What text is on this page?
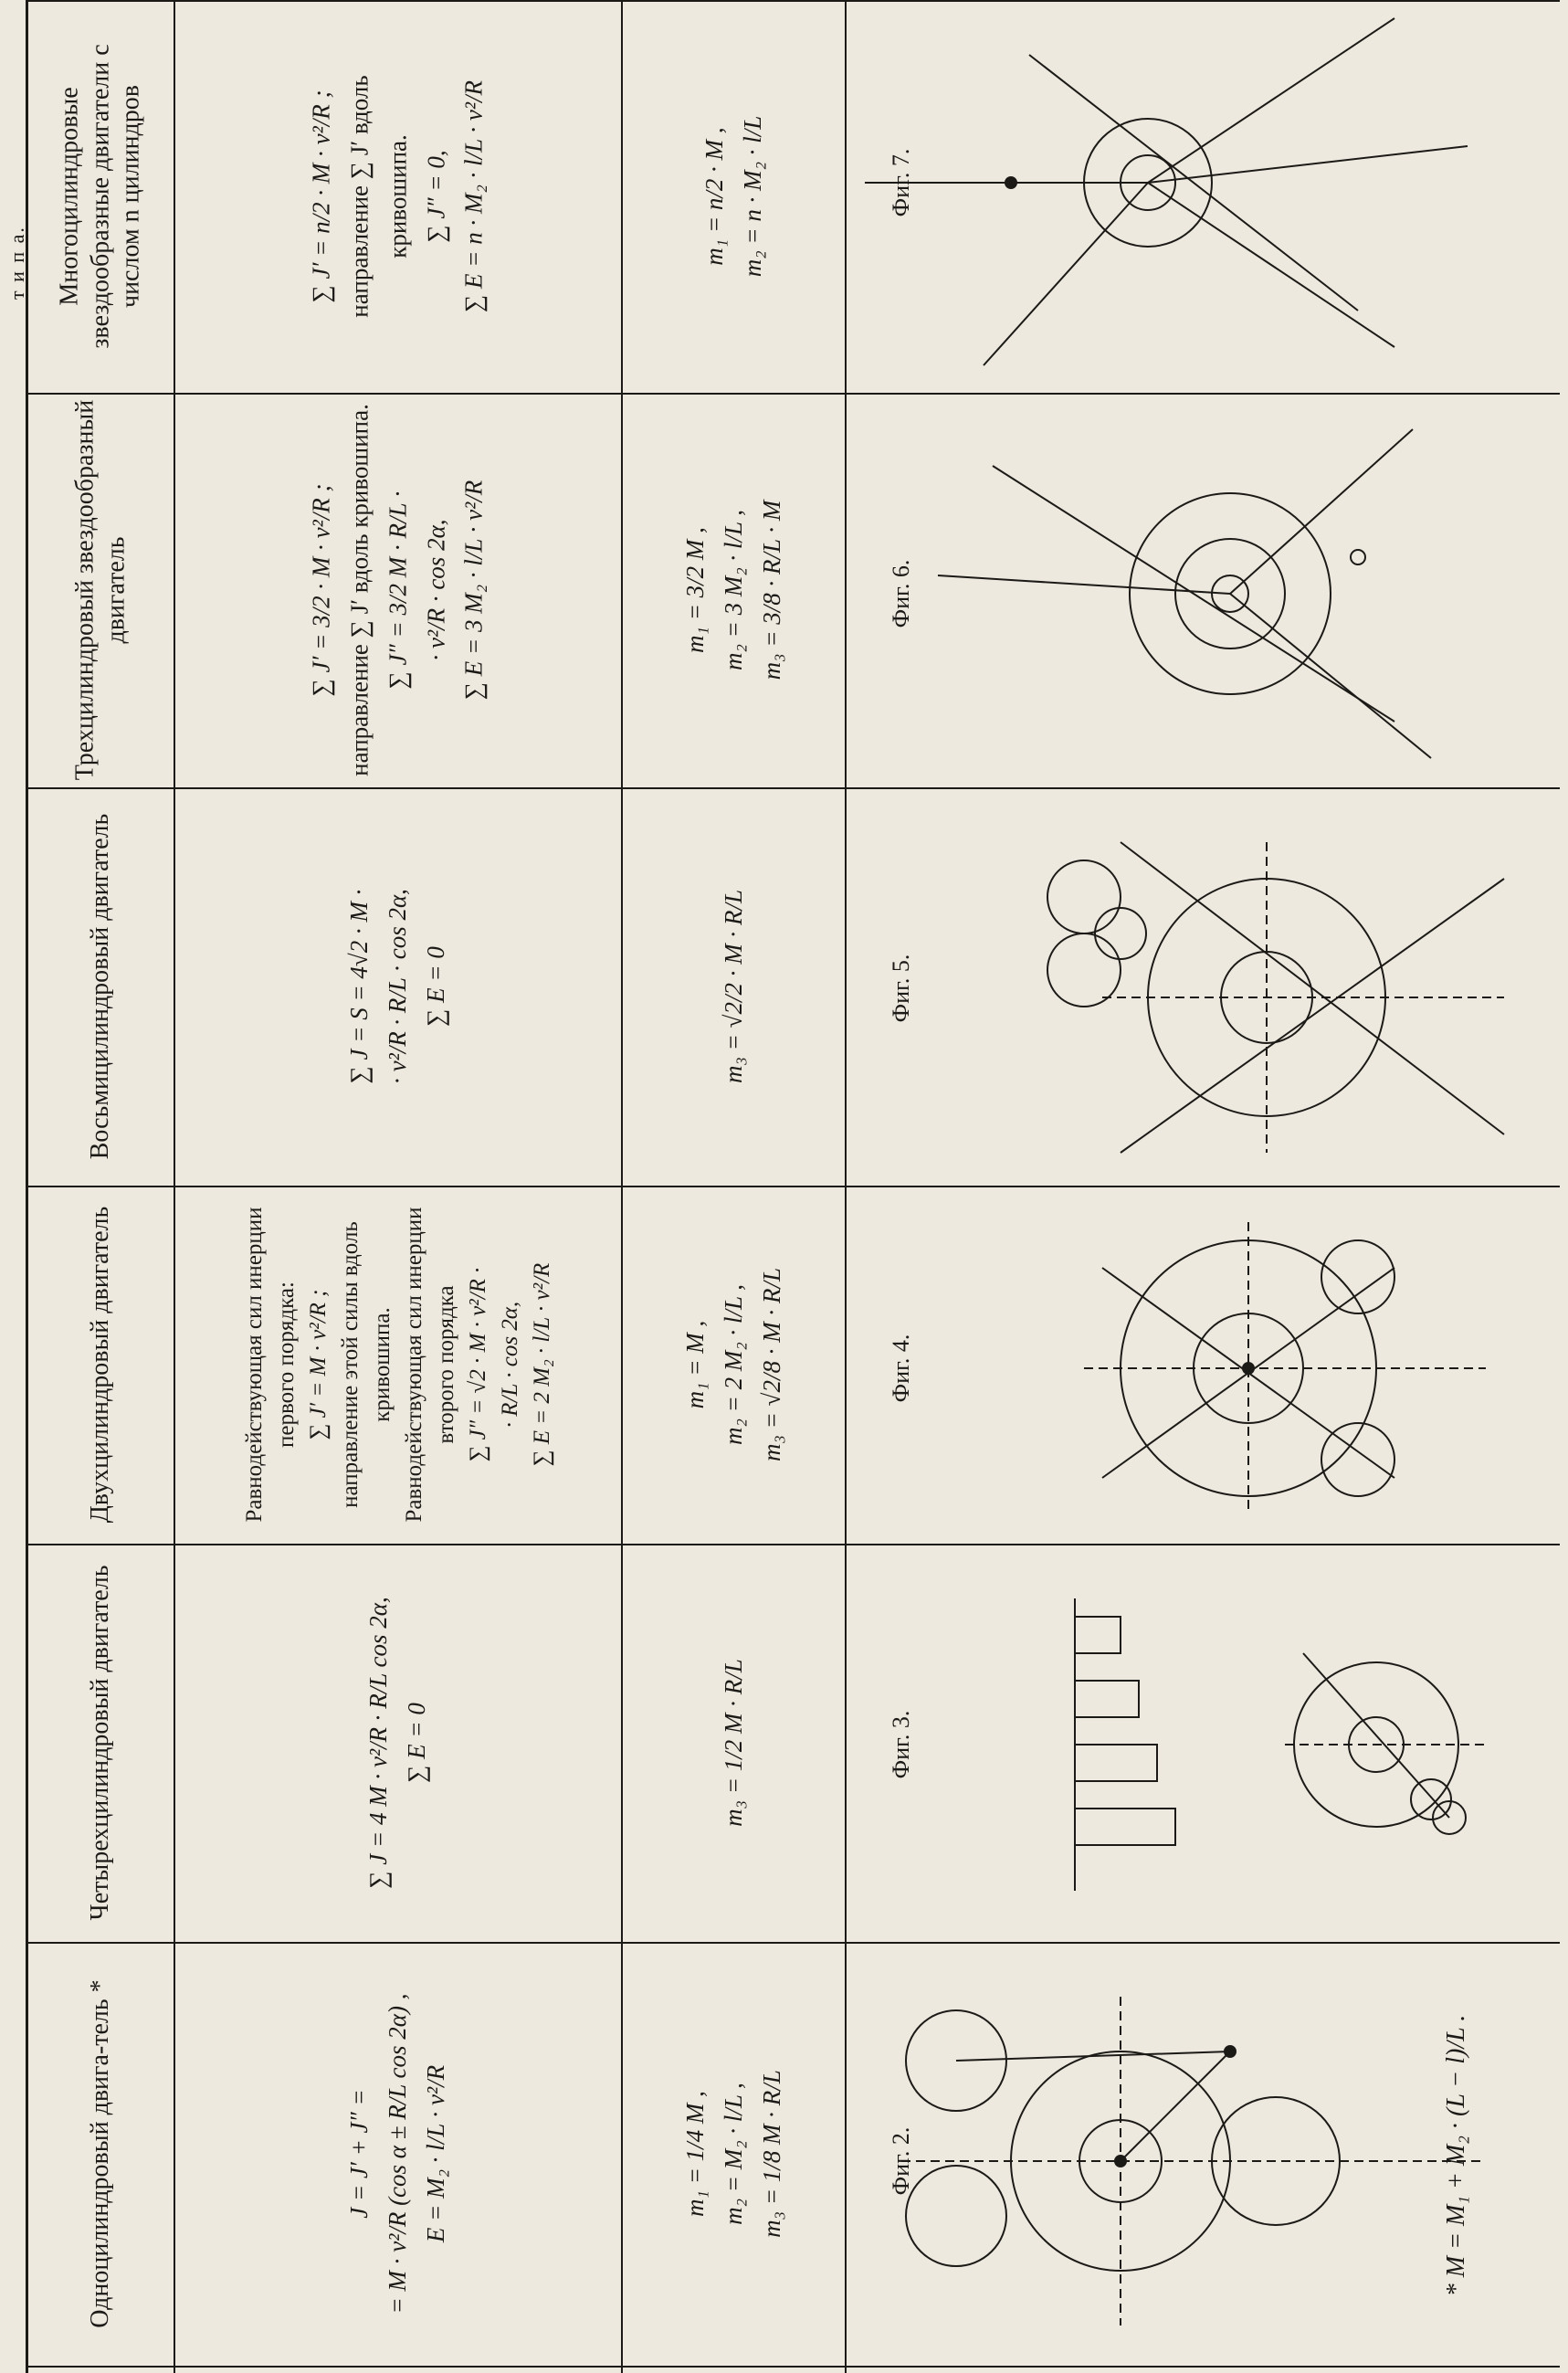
т и п а.
Одноцилиндровый двига-тель *	J = J′ + J″ = = M · v²/R (cos α ± R/L cos 2α) , E = M₂ · l/L · v²/R	m₁ = 1/4 M , m₂ = M₂ · l/L , m₃ = 1/8 M · R/L	Фиг. 2.
Четырехцилиндровый двигатель	∑ J = 4 M · v²/R · R/L cos 2α, ∑ E = 0	m₃ = 1/2 M · R/L	Фиг. 3.
Двухцилиндровый двигатель	Равнодействующая сил инерции первого порядка: ∑ J′ = M · v²/R ; направление этой силы вдоль кривошипа. Равнодействующая сил инерции второго порядка ∑ J″ = √2 · M · v²/R · · R/L · cos 2α, ∑ E = 2 M₂ · l/L · v²/R	m₁ = M , m₂ = 2 M₂ · l/L , m₃ = √2/8 · M · R/L	Фиг. 4.
Восьмицилиндровый двигатель	∑ J = S = 4√2 · M · · v²/R · R/L · cos 2α, ∑ E = 0	m₃ = √2/2 · M · R/L	Фиг. 5.
Трехцилиндровый звездообразный двигатель	∑ J′ = 3/2 · M · v²/R ; направление ∑ J′ вдоль кривошипа. ∑ J″ = 3/2 M · R/L · · v²/R · cos 2α, ∑ E = 3 M₂ · l/L · v²/R	m₁ = 3/2 M , m₂ = 3 M₂ · l/L , m₃ = 3/8 · R/L · M	Фиг. 6.
Многоцилиндровые звездообразные двигатели с числом n цилиндров	∑ J′ = n/2 · M · v²/R ; направление ∑ J′ вдоль кривошипа. ∑ J″ = 0, ∑ E = n · M₂ · l/L · v²/R	m₁ = n/2 · M , m₂ = n · M₂ · l/L	Фиг. 7.
* M = M₁ + M₂ · (L − l)/L .
